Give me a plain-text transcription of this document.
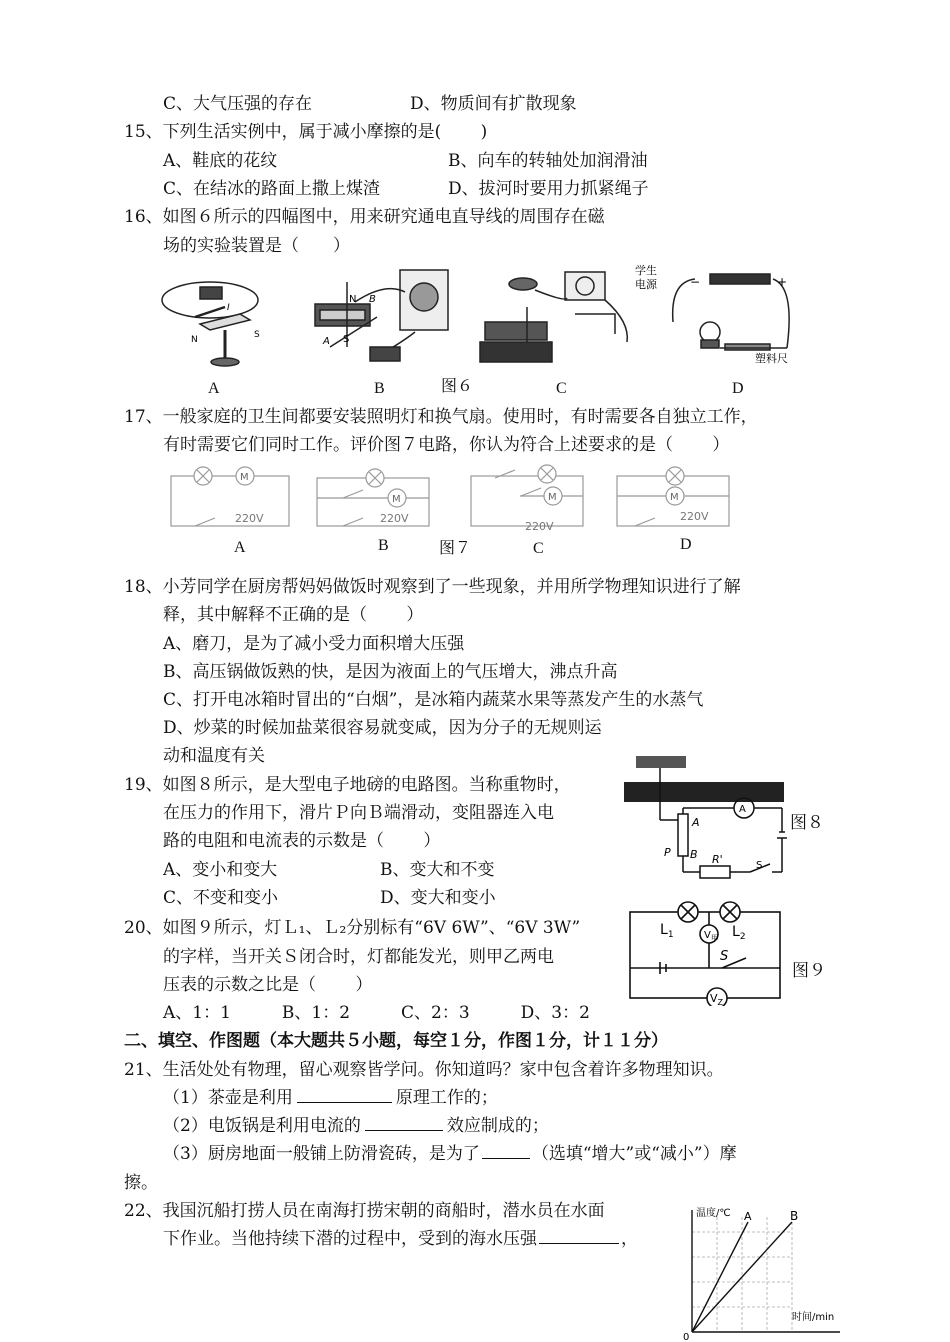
C、大气压强的存在	D、物质间有扩散现象
15、下列生活实例中，属于减小摩擦的是(　　 )
A、鞋底的花纹	B、向车的转轴处加润滑油
C、在结冰的路面上撒上煤渣	D、拔河时要用力抓紧绳子
16、如图６所示的四幅图中，用来研究通电直导线的周围存在磁
场的实验装置是（　　）
N	S
I
N
S
A
B
学生
电源	−	+
塑料尺
A	B	图６	C	D
17、一般家庭的卫生间都要安装照明灯和换气扇。使用时，有时需要各自独立工作，
有时需要它们同时工作。评价图７电路，你认为符合上述要求的是（　　 ）
M
M	M	M
220V	220V
220V
220V
A	B	图７	C	D
18、小芳同学在厨房帮妈妈做饭时观察到了一些现象，并用所学物理知识进行了解
释，其中解释不正确的是（　　 ）
A、磨刀，是为了减小受力面积增大压强
B、高压锅做饭熟的快，是因为液面上的气压增大，沸点升高
C、打开电冰箱时冒出的“白烟”，是冰箱内蔬菜水果等蒸发产生的水蒸气
D、炒菜的时候加盐菜很容易就变咸，因为分子的无规则运
动和温度有关
19、如图８所示，是大型电子地磅的电路图。当称重物时，
在压力的作用下，滑片Ｐ向Ｂ端滑动，变阻器连入电
路的电阻和电流表的示数是（　　 ）
A、变小和变大	B、变大和不变
C、不变和变小	D、变大和变小
A
A
B
P
R'	S
图８
20、如图９所示，灯Ｌ₁、Ｌ₂分别标有“6V 6W”、“6V 3W”
的字样，当开关Ｓ闭合时，灯都能发光，则甲乙两电
压表的示数之比是（　　 ）
A、1：1　　　B、1：2　　　C、2：3　　　D、3：2
$L_1$	$L_2$
$V_甲$
$V_Z$
S
图９
二、填空、作图题（本大题共５小题，每空１分，作图１分，计１１分）
21、生活处处有物理，留心观察皆学问。你知道吗？家中包含着许多物理知识。
（1）茶壶是利用	原理工作的；
（2）电饭锅是利用电流的	效应制成的；
（3）厨房地面一般铺上防滑瓷砖，是为了	（选填“增大”或“减小”）摩
擦。
22、我国沉船打捞人员在南海打捞宋朝的商船时，潜水员在水面
下作业。当他持续下潜的过程中，受到的海水压强	，
温度/℃
时间/min
0
A	B
